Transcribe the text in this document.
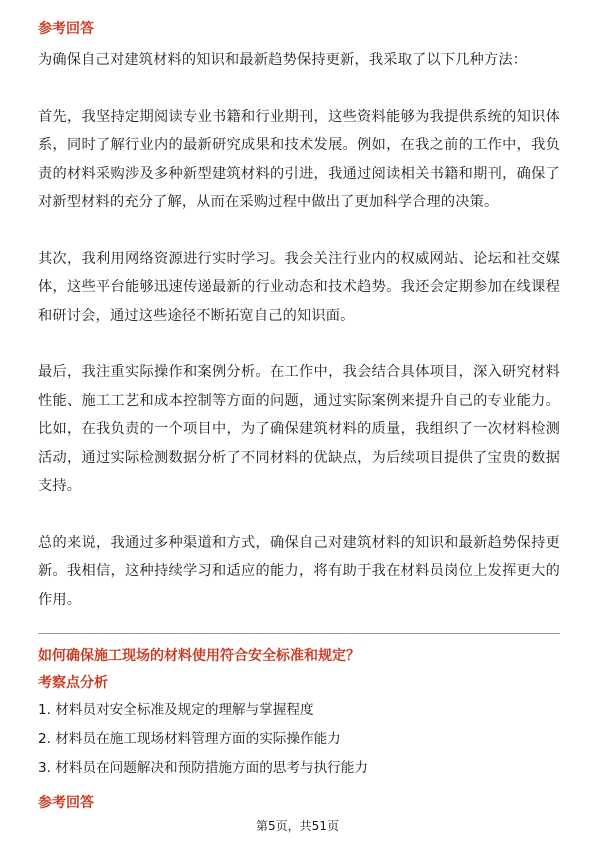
参考回答

为确保自己对建筑材料的知识和最新趋势保持更新，我采取了以下几种方法：

首先，我坚持定期阅读专业书籍和行业期刊，这些资料能够为我提供系统的知识体系，同时了解行业内的最新研究成果和技术发展。例如，在我之前的工作中，我负责的材料采购涉及多种新型建筑材料的引进，我通过阅读相关书籍和期刊，确保了对新型材料的充分了解，从而在采购过程中做出了更加科学合理的决策。

其次，我利用网络资源进行实时学习。我会关注行业内的权威网站、论坛和社交媒体，这些平台能够迅速传递最新的行业动态和技术趋势。我还会定期参加在线课程和研讨会，通过这些途径不断拓宽自己的知识面。

最后，我注重实际操作和案例分析。在工作中，我会结合具体项目，深入研究材料性能、施工工艺和成本控制等方面的问题，通过实际案例来提升自己的专业能力。比如，在我负责的一个项目中，为了确保建筑材料的质量，我组织了一次材料检测活动，通过实际检测数据分析了不同材料的优缺点，为后续项目提供了宝贵的数据支持。

总的来说，我通过多种渠道和方式，确保自己对建筑材料的知识和最新趋势保持更新。我相信，这种持续学习和适应的能力，将有助于我在材料员岗位上发挥更大的作用。

如何确保施工现场的材料使用符合安全标准和规定？
考察点分析

1. 材料员对安全标准及规定的理解与掌握程度

2. 材料员在施工现场材料管理方面的实际操作能力

3. 材料员在问题解决和预防措施方面的思考与执行能力

参考回答
第5页，共51页
